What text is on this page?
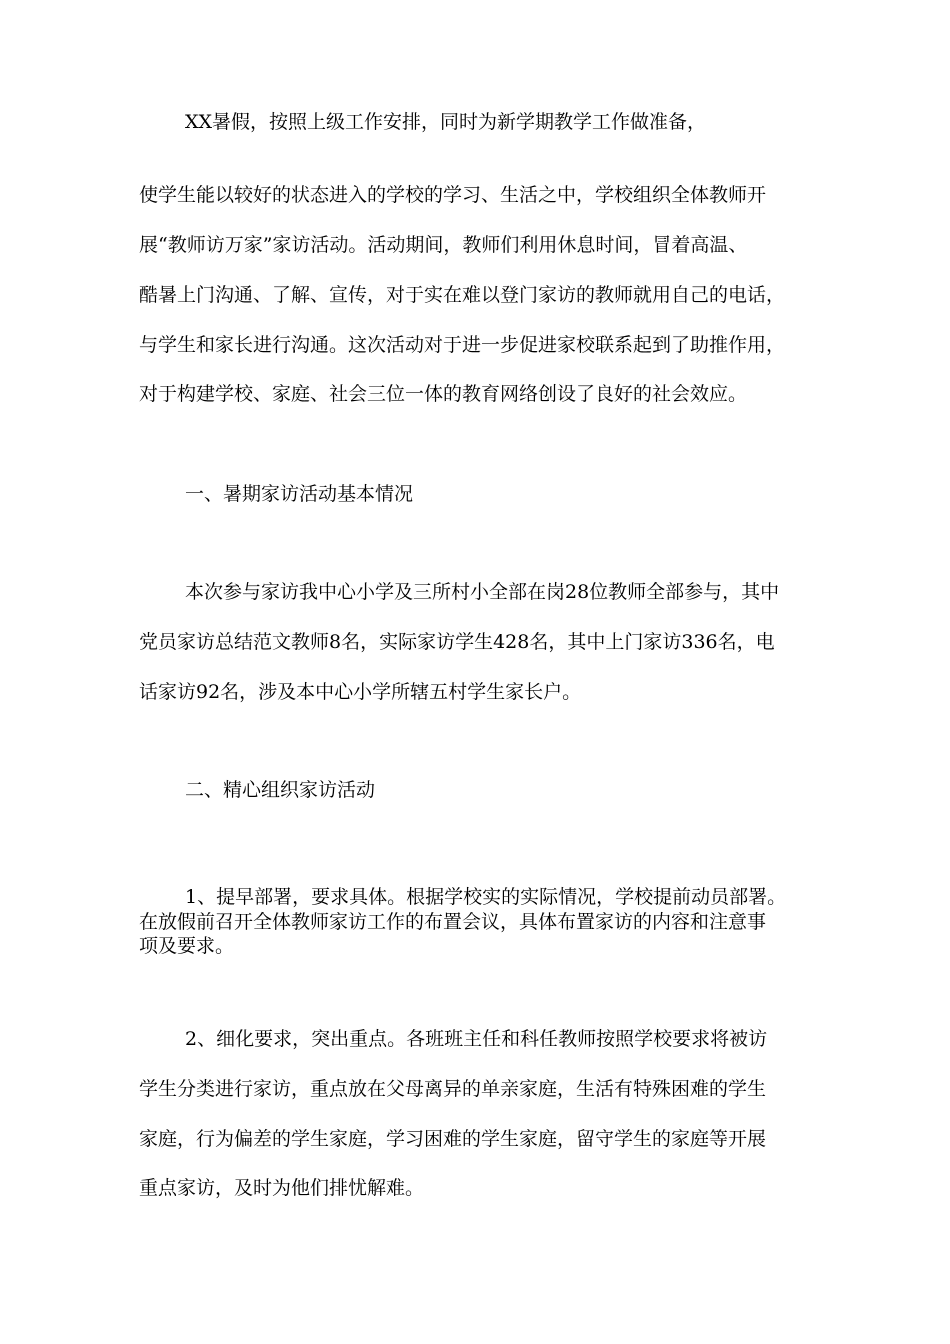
XX暑假，按照上级工作安排，同时为新学期教学工作做准备，

使学生能以较好的状态进入的学校的学习、生活之中，学校组织全体教师开

展“教师访万家”家访活动。活动期间，教师们利用休息时间，冒着高温、

酷暑上门沟通、了解、宣传，对于实在难以登门家访的教师就用自己的电话，

与学生和家长进行沟通。这次活动对于进一步促进家校联系起到了助推作用，

对于构建学校、家庭、社会三位一体的教育网络创设了良好的社会效应。

一、暑期家访活动基本情况

本次参与家访我中心小学及三所村小全部在岗28位教师全部参与，其中

党员家访总结范文教师8名，实际家访学生428名，其中上门家访336名，电

话家访92名，涉及本中心小学所辖五村学生家长户。

二、精心组织家访活动

1、提早部署，要求具体。根据学校实的实际情况，学校提前动员部署。

在放假前召开全体教师家访工作的布置会议，具体布置家访的内容和注意事

项及要求。

2、细化要求，突出重点。各班班主任和科任教师按照学校要求将被访

学生分类进行家访，重点放在父母离异的单亲家庭，生活有特殊困难的学生

家庭，行为偏差的学生家庭，学习困难的学生家庭，留守学生的家庭等开展

重点家访，及时为他们排忧解难。
